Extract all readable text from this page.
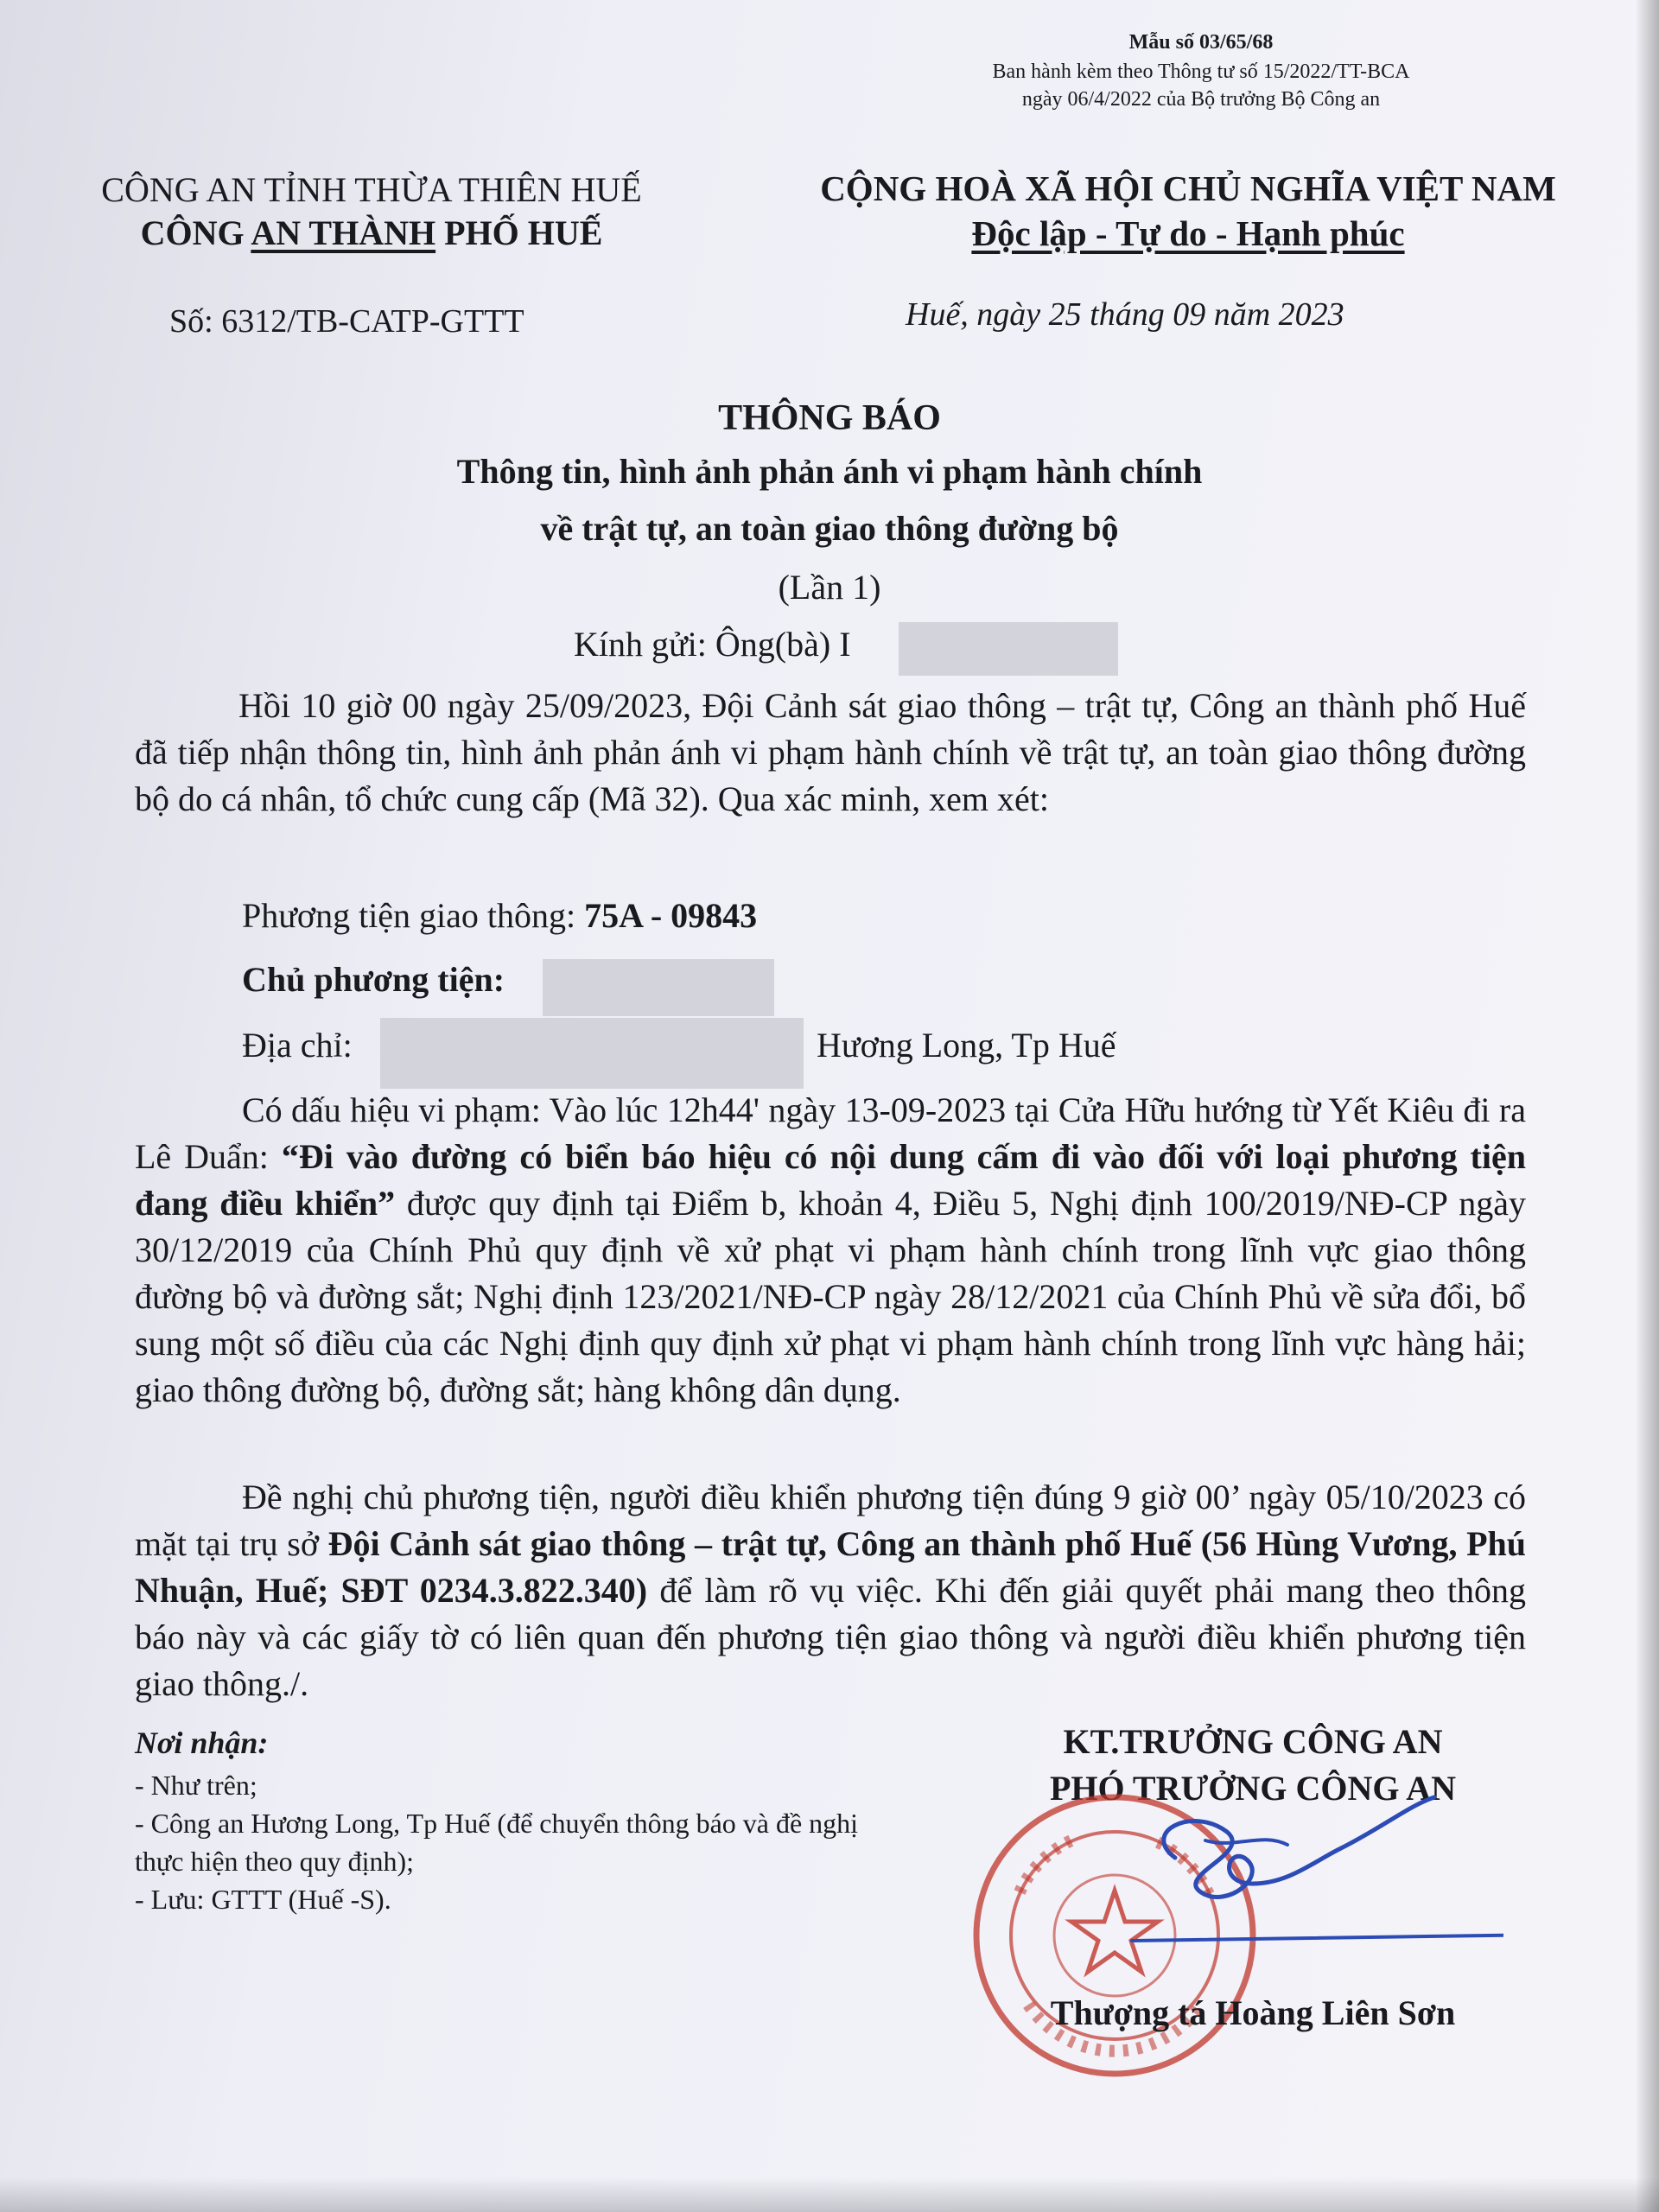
Mẫu số 03/65/68

Ban hành kèm theo Thông tư số 15/2022/TT-BCA

ngày 06/4/2022 của Bộ trưởng Bộ Công an

CÔNG AN TỈNH THỪA THIÊN HUẾ

CÔNG AN THÀNH PHỐ HUẾ

CỘNG HOÀ XÃ HỘI CHỦ NGHĨA VIỆT NAM

Độc lập - Tự do - Hạnh phúc

Số: 6312/TB-CATP-GTTT	Huế, ngày 25 tháng 09 năm 2023

THÔNG BÁO

Thông tin, hình ảnh phản ánh vi phạm hành chính

về trật tự, an toàn giao thông đường bộ

(Lần 1)

Kính gửi: Ông(bà) I

Hồi 10 giờ 00 ngày 25/09/2023, Đội Cảnh sát giao thông – trật tự, Công an thành phố Huế đã tiếp nhận thông tin, hình ảnh phản ánh vi phạm hành chính về trật tự, an toàn giao thông đường bộ do cá nhân, tổ chức cung cấp (Mã 32). Qua xác minh, xem xét:

Phương tiện giao thông: 75A - 09843

Chủ phương tiện:

Địa chỉ:	Hương Long, Tp Huế

Có dấu hiệu vi phạm: Vào lúc 12h44' ngày 13-09-2023 tại Cửa Hữu hướng từ Yết Kiêu đi ra Lê Duẩn: “Đi vào đường có biển báo hiệu có nội dung cấm đi vào đối với loại phương tiện đang điều khiển” được quy định tại Điểm b, khoản 4, Điều 5, Nghị định 100/2019/NĐ-CP ngày 30/12/2019 của Chính Phủ quy định về xử phạt vi phạm hành chính trong lĩnh vực giao thông đường bộ và đường sắt; Nghị định 123/2021/NĐ-CP ngày 28/12/2021 của Chính Phủ về sửa đổi, bổ sung một số điều của các Nghị định quy định xử phạt vi phạm hành chính trong lĩnh vực hàng hải; giao thông đường bộ, đường sắt; hàng không dân dụng.

Đề nghị chủ phương tiện, người điều khiển phương tiện đúng 9 giờ 00’ ngày 05/10/2023 có mặt tại trụ sở Đội Cảnh sát giao thông – trật tự, Công an thành phố Huế (56 Hùng Vương, Phú Nhuận, Huế; SĐT 0234.3.822.340) để làm rõ vụ việc. Khi đến giải quyết phải mang theo thông báo này và các giấy tờ có liên quan đến phương tiện giao thông và người điều khiển phương tiện giao thông./.

Nơi nhận:

- Như trên;
- Công an Hương Long, Tp Huế (để chuyển thông báo và đề nghị thực hiện theo quy định);
- Lưu: GTTT (Huế -S).

KT.TRƯỞNG CÔNG AN

PHÓ TRƯỞNG CÔNG AN

Thượng tá Hoàng Liên Sơn
